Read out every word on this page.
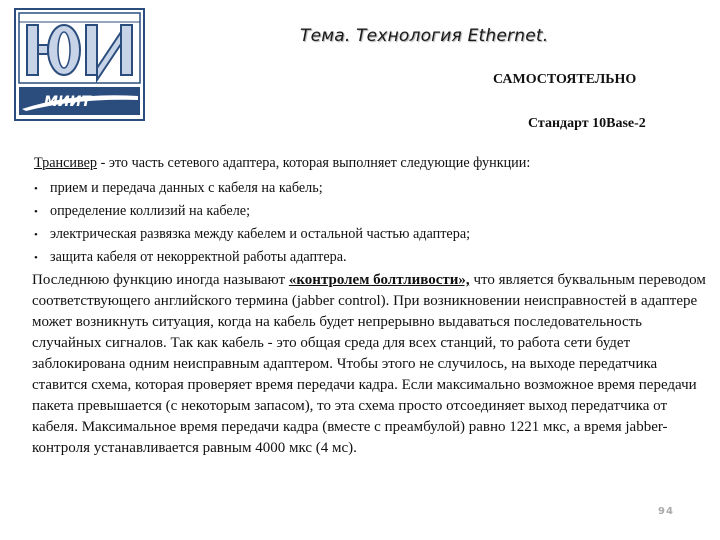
МИИТ
Тема. Технология Ethernet.
САМОСТОЯТЕЛЬНО
Стандарт 10Base-2
Трансивер - это часть сетевого адаптера, которая выполняет следующие функции:
• прием и передача данных с кабеля на кабель;
• определение коллизий на кабеле;
• электрическая развязка между кабелем и остальной частью адаптера;
• защита кабеля от некорректной работы адаптера.
Последнюю функцию иногда называют «контролем болтливости», что является буквальным переводом соответствующего английского термина (jabber control). При возникновении неисправностей в адаптере может возникнуть ситуация, когда на кабель будет непрерывно выдаваться последовательность случайных сигналов. Так как кабель - это общая среда для всех станций, то работа сети будет заблокирована одним неисправным адаптером. Чтобы этого не случилось, на выходе передатчика ставится схема, которая проверяет время передачи кадра. Если максимально возможное время передачи пакета превышается (с некоторым запасом), то эта схема просто отсоединяет выход передатчика от кабеля. Максимальное время передачи кадра (вместе с преамбулой) равно 1221 мкс, а время jabber- контроля устанавливается равным 4000 мкс (4 мс).
94
